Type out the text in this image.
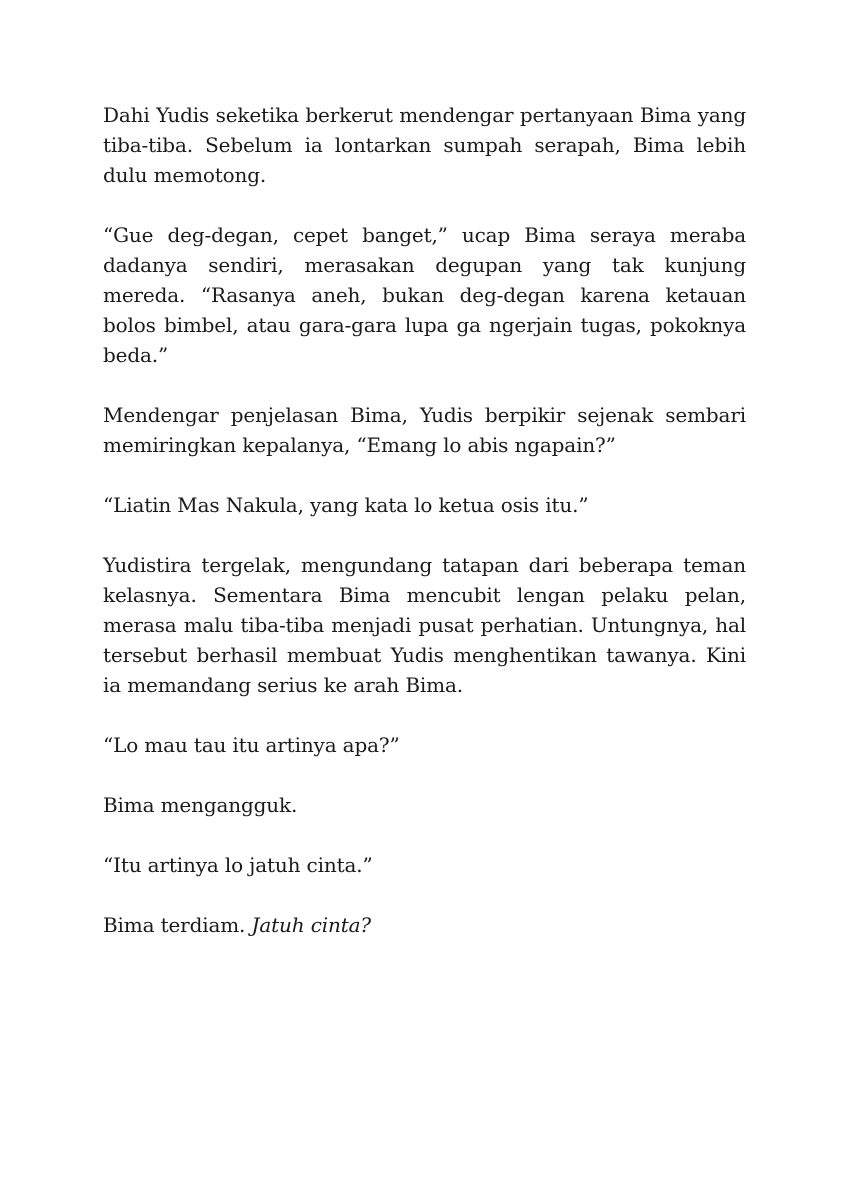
Dahi Yudis seketika berkerut mendengar pertanyaan Bima yang tiba-tiba. Sebelum ia lontarkan sumpah serapah, Bima lebih dulu memotong.

“Gue deg-degan, cepet banget,” ucap Bima seraya meraba dadanya sendiri, merasakan degupan yang tak kunjung mereda. “Rasanya aneh, bukan deg-degan karena ketauan bolos bimbel, atau gara-gara lupa ga ngerjain tugas, pokoknya beda.”

Mendengar penjelasan Bima, Yudis berpikir sejenak sembari memiringkan kepalanya, “Emang lo abis ngapain?”

“Liatin Mas Nakula, yang kata lo ketua osis itu.”

Yudistira tergelak, mengundang tatapan dari beberapa teman kelasnya. Sementara Bima mencubit lengan pelaku pelan, merasa malu tiba-tiba menjadi pusat perhatian. Untungnya, hal tersebut berhasil membuat Yudis menghentikan tawanya. Kini ia memandang serius ke arah Bima.

“Lo mau tau itu artinya apa?”

Bima mengangguk.

“Itu artinya lo jatuh cinta.”

Bima terdiam. Jatuh cinta?
